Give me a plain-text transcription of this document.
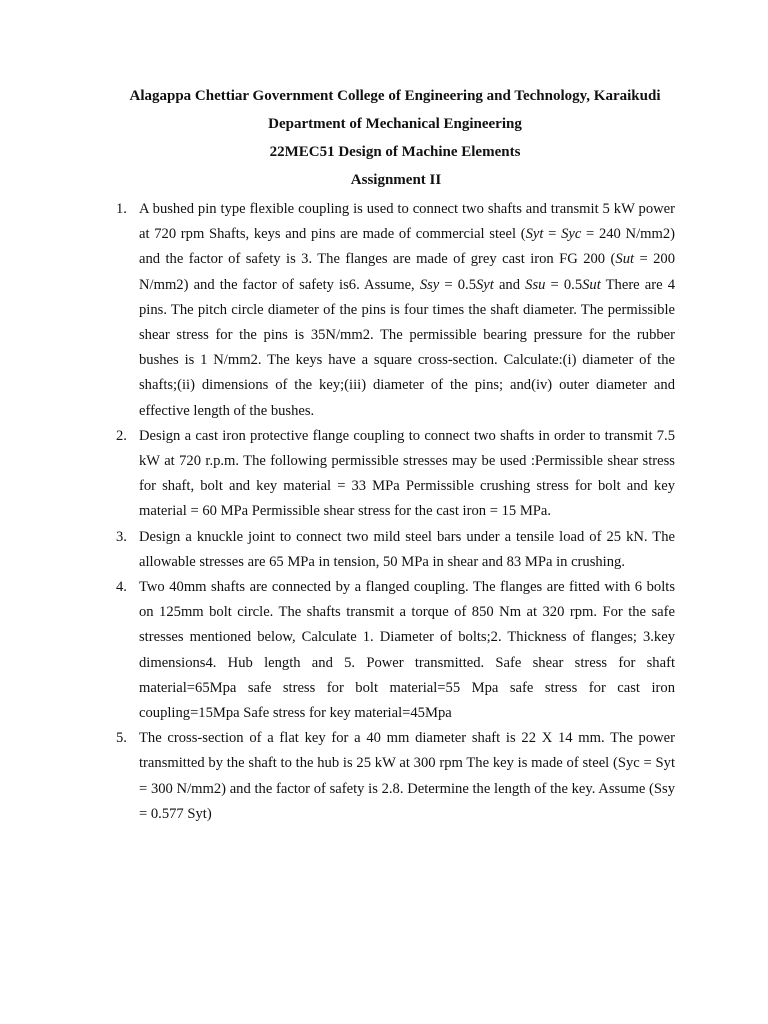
Alagappa Chettiar Government College of Engineering and Technology, Karaikudi

Department of Mechanical Engineering

22MEC51 Design of Machine Elements

Assignment II

1. A bushed pin type flexible coupling is used to connect two shafts and transmit 5 kW power at 720 rpm Shafts, keys and pins are made of commercial steel (Syt = Syc = 240 N/mm2) and the factor of safety is 3. The flanges are made of grey cast iron FG 200 (Sut = 200 N/mm2) and the factor of safety is6. Assume, Ssy = 0.5Syt and Ssu = 0.5Sut There are 4 pins. The pitch circle diameter of the pins is four times the shaft diameter. The permissible shear stress for the pins is 35N/mm2. The permissible bearing pressure for the rubber bushes is 1 N/mm2. The keys have a square cross-section. Calculate:(i) diameter of the shafts;(ii) dimensions of the key;(iii) diameter of the pins; and(iv) outer diameter and effective length of the bushes.
2. Design a cast iron protective flange coupling to connect two shafts in order to transmit 7.5 kW at 720 r.p.m. The following permissible stresses may be used :Permissible shear stress for shaft, bolt and key material = 33 MPa Permissible crushing stress for bolt and key material = 60 MPa Permissible shear stress for the cast iron = 15 MPa.
3. Design a knuckle joint to connect two mild steel bars under a tensile load of 25 kN. The allowable stresses are 65 MPa in tension, 50 MPa in shear and 83 MPa in crushing.
4. Two 40mm shafts are connected by a flanged coupling. The flanges are fitted with 6 bolts on 125mm bolt circle. The shafts transmit a torque of 850 Nm at 320 rpm. For the safe stresses mentioned below, Calculate 1. Diameter of bolts;2. Thickness of flanges; 3.key dimensions4. Hub length and 5. Power transmitted. Safe shear stress for shaft material=65Mpa safe stress for bolt material=55 Mpa safe stress for cast iron coupling=15Mpa Safe stress for key material=45Mpa
5. The cross-section of a flat key for a 40 mm diameter shaft is 22 X 14 mm. The power transmitted by the shaft to the hub is 25 kW at 300 rpm The key is made of steel (Syc = Syt = 300 N/mm2) and the factor of safety is 2.8. Determine the length of the key. Assume (Ssy = 0.577 Syt)
